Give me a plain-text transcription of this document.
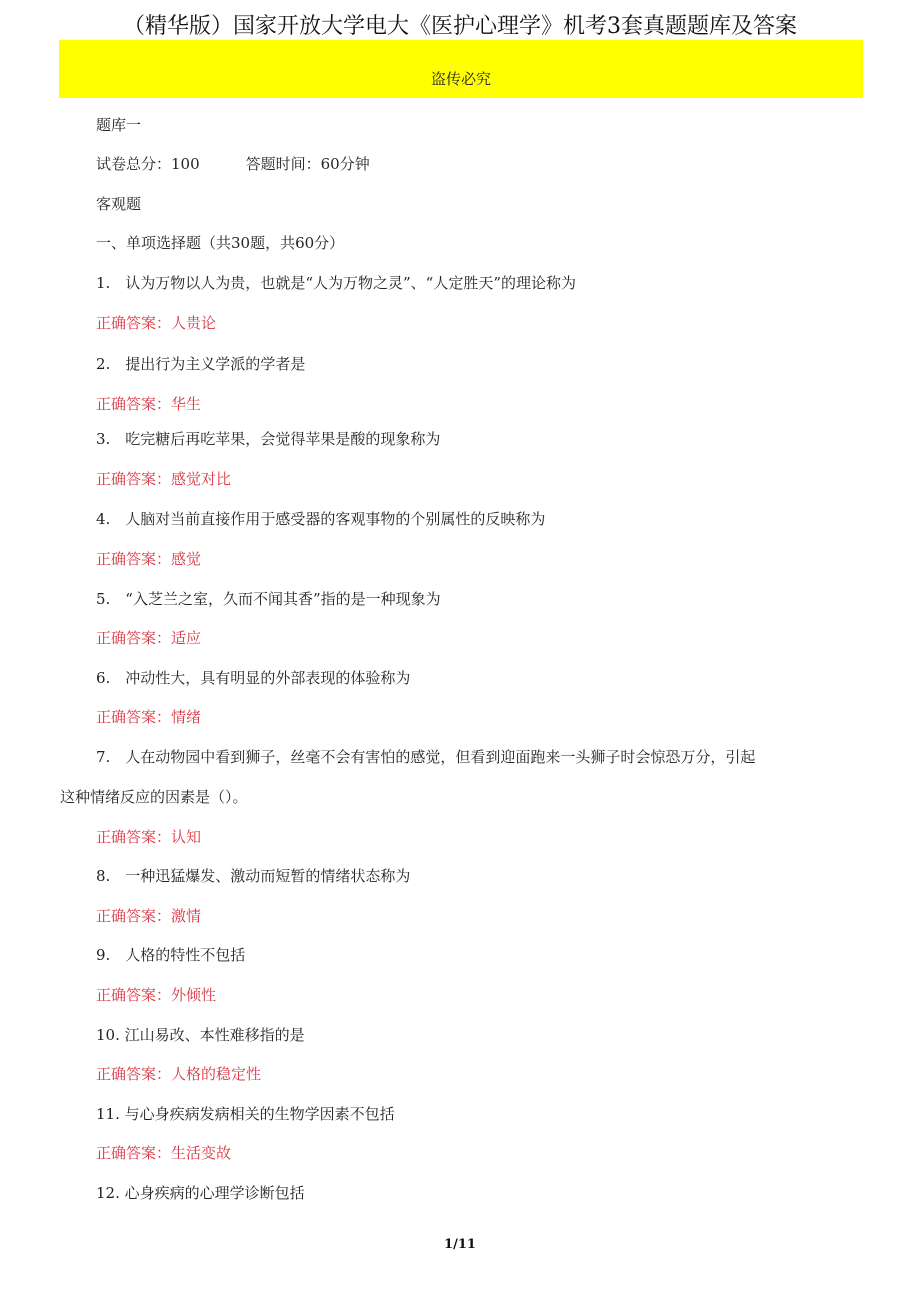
（精华版）国家开放大学电大《医护心理学》机考3套真题题库及答案
盗传必究
题库一
试卷总分：100	答题时间：60分钟
客观题
一、单项选择题（共30题，共60分）
1.　认为万物以人为贵，也就是“人为万物之灵”、“人定胜天”的理论称为
正确答案：人贵论
2.　提出行为主义学派的学者是
正确答案：华生
3.　吃完糖后再吃苹果，会觉得苹果是酸的现象称为
正确答案：感觉对比
4.　人脑对当前直接作用于感受器的客观事物的个别属性的反映称为
正确答案：感觉
5.　“入芝兰之室，久而不闻其香”指的是一种现象为
正确答案：适应
6.　冲动性大，具有明显的外部表现的体验称为
正确答案：情绪
7.　人在动物园中看到狮子，丝毫不会有害怕的感觉，但看到迎面跑来一头狮子时会惊恐万分，引起
这种情绪反应的因素是（）。
正确答案：认知
8.　一种迅猛爆发、激动而短暂的情绪状态称为
正确答案：激情
9.　人格的特性不包括
正确答案：外倾性
10. 江山易改、本性难移指的是
正确答案：人格的稳定性
11. 与心身疾病发病相关的生物学因素不包括
正确答案：生活变故
12. 心身疾病的心理学诊断包括
1/11
